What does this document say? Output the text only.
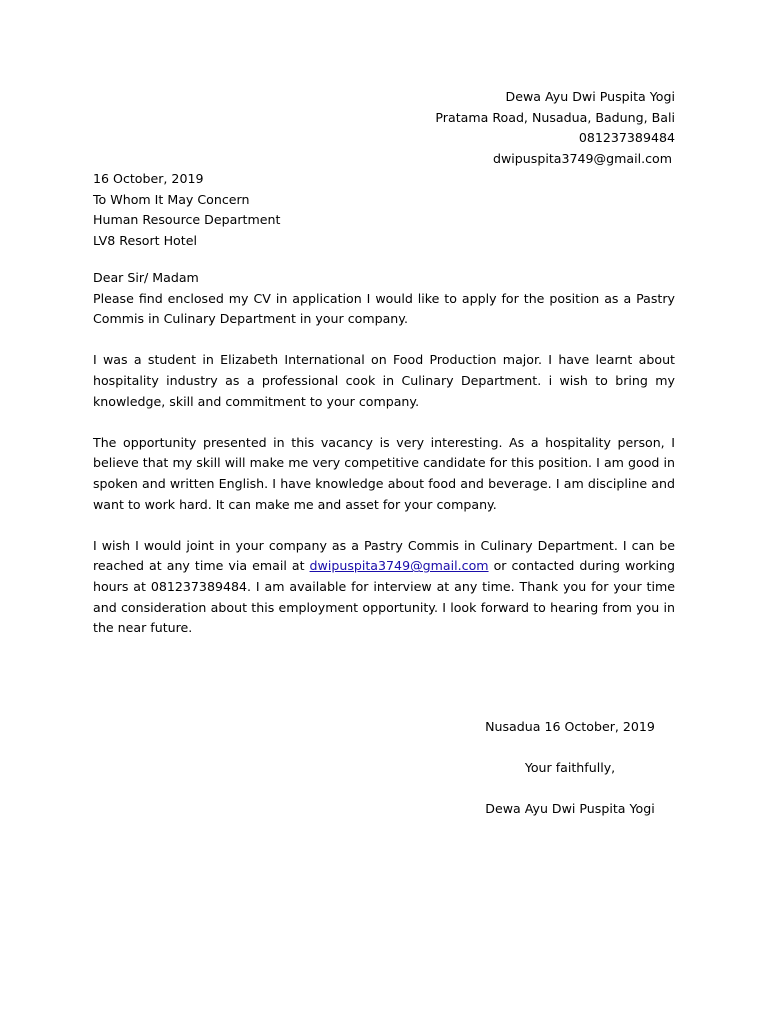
Dewa Ayu Dwi Puspita Yogi
Pratama Road, Nusadua, Badung, Bali
081237389484
dwipuspita3749@gmail.com
16 October, 2019
To Whom It May Concern
Human Resource Department
LV8 Resort Hotel

Dear Sir/ Madam

Please find enclosed my CV in application I would like to apply for the position as a Pastry Commis in Culinary Department in your company.

I was a student in Elizabeth International on Food Production major. I have learnt about hospitality industry as a professional cook in Culinary Department. i wish to bring my knowledge, skill and commitment to your company.

The opportunity presented in this vacancy is very interesting. As a hospitality person, I believe that my skill will make me very competitive candidate for this position. I am good in spoken and written English. I have knowledge about food and beverage. I am discipline and want to work hard. It can make me and asset for your company.

I wish I would joint in your company as a Pastry Commis in Culinary Department. I can be reached at any time via email at dwipuspita3749@gmail.com or contacted during working hours at 081237389484. I am available for interview at any time. Thank you for your time and consideration about this employment opportunity. I look forward to hearing from you in the near future.

Nusadua 16 October, 2019
Your faithfully,
Dewa Ayu Dwi Puspita Yogi
